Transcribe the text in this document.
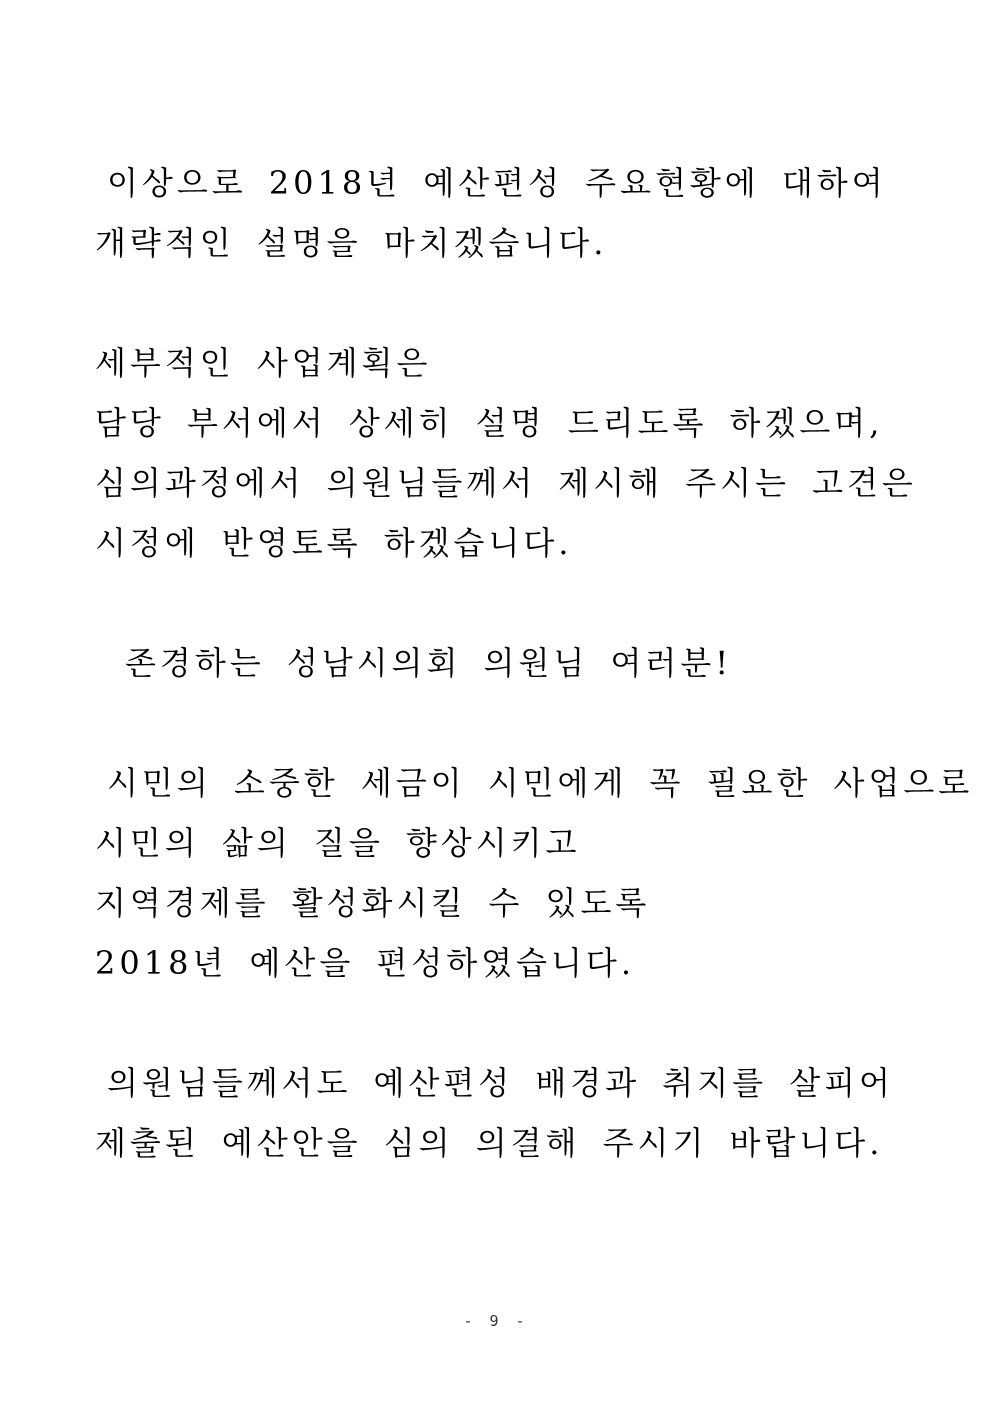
이상으로 2018년 예산편성 주요현황에 대하여
개략적인 설명을 마치겠습니다.
세부적인 사업계획은
담당 부서에서 상세히 설명 드리도록 하겠으며,
심의과정에서 의원님들께서 제시해 주시는 고견은
시정에 반영토록 하겠습니다.
존경하는 성남시의회 의원님 여러분!
시민의 소중한 세금이 시민에게 꼭 필요한 사업으로
시민의 삶의 질을 향상시키고
지역경제를 활성화시킬 수 있도록
2018년 예산을 편성하였습니다.
의원님들께서도 예산편성 배경과 취지를 살피어
제출된 예산안을 심의 의결해 주시기 바랍니다.
- 9 -
